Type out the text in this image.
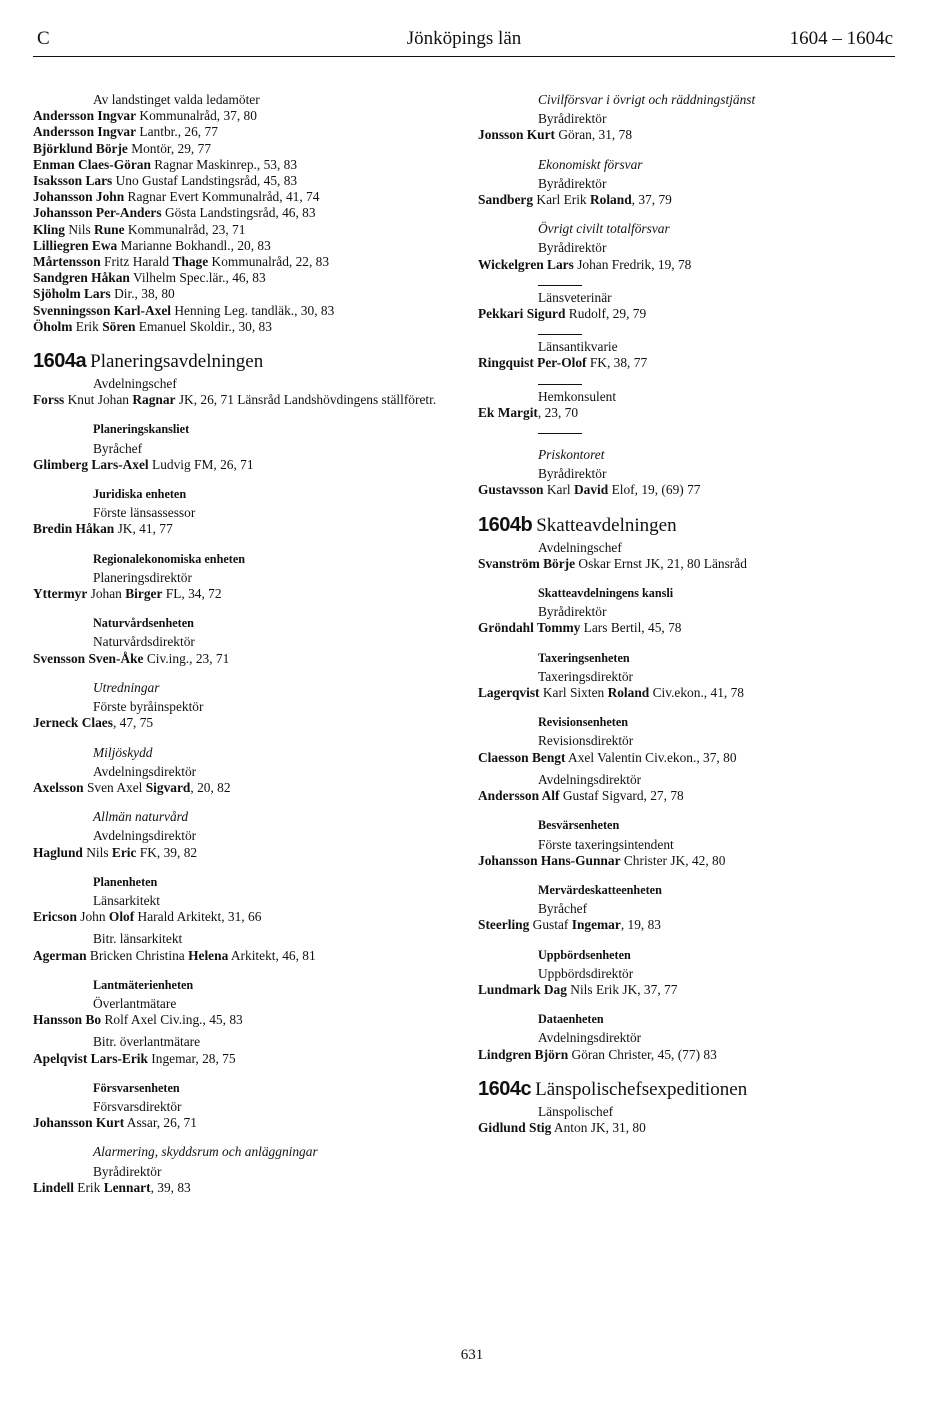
C	Jönköpings län	1604 – 1604c
Av landstinget valda ledamöter
Andersson Ingvar Kommunalråd, 37, 80
Andersson Ingvar Lantbr., 26, 77
Björklund Börje Montör, 29, 77
Enman Claes-Göran Ragnar Maskinrep., 53, 83
Isaksson Lars Uno Gustaf Landstingsråd, 45, 83
Johansson John Ragnar Evert Kommunalråd, 41, 74
Johansson Per-Anders Gösta Landstingsråd, 46, 83
Kling Nils Rune Kommunalråd, 23, 71
Lilliegren Ewa Marianne Bokhandl., 20, 83
Mårtensson Fritz Harald Thage Kommunalråd, 22, 83
Sandgren Håkan Vilhelm Spec.lär., 46, 83
Sjöholm Lars Dir., 38, 80
Svenningsson Karl-Axel Henning Leg. tandläk., 30, 83
Öholm Erik Sören Emanuel Skoldir., 30, 83
1604a Planeringsavdelningen
Avdelningschef
Forss Knut Johan Ragnar JK, 26, 71 Länsråd Landshövdingens ställföretr.
Planeringskansliet
Byråchef
Glimberg Lars-Axel Ludvig FM, 26, 71
Juridiska enheten
Förste länsassessor
Bredin Håkan JK, 41, 77
Regionalekonomiska enheten
Planeringsdirektör
Yttermyr Johan Birger FL, 34, 72
Naturvårdsenheten
Naturvårdsdirektör
Svensson Sven-Åke Civ.ing., 23, 71
Utredningar
Förste byråinspektör
Jerneck Claes, 47, 75
Miljöskydd
Avdelningsdirektör
Axelsson Sven Axel Sigvard, 20, 82
Allmän naturvård
Avdelningsdirektör
Haglund Nils Eric FK, 39, 82
Planenheten
Länsarkitekt
Ericson John Olof Harald Arkitekt, 31, 66
Bitr. länsarkitekt
Agerman Bricken Christina Helena Arkitekt, 46, 81
Lantmäterienheten
Överlantmätare
Hansson Bo Rolf Axel Civ.ing., 45, 83
Bitr. överlantmätare
Apelqvist Lars-Erik Ingemar, 28, 75
Försvarsenheten
Försvarsdirektör
Johansson Kurt Assar, 26, 71
Alarmering, skyddsrum och anläggningar
Byrådirektör
Lindell Erik Lennart, 39, 83
Civilförsvar i övrigt och räddningstjänst
Byrådirektör
Jonsson Kurt Göran, 31, 78
Ekonomiskt försvar
Byrådirektör
Sandberg Karl Erik Roland, 37, 79
Övrigt civilt totalförsvar
Byrådirektör
Wickelgren Lars Johan Fredrik, 19, 78
Länsveterinär
Pekkari Sigurd Rudolf, 29, 79
Länsantikvarie
Ringquist Per-Olof FK, 38, 77
Hemkonsulent
Ek Margit, 23, 70
Priskontoret
Byrådirektör
Gustavsson Karl David Elof, 19, (69) 77
1604b Skatteavdelningen
Avdelningschef
Svanström Börje Oskar Ernst JK, 21, 80 Länsråd
Skatteavdelningens kansli
Byrådirektör
Gröndahl Tommy Lars Bertil, 45, 78
Taxeringsenheten
Taxeringsdirektör
Lagerqvist Karl Sixten Roland Civ.ekon., 41, 78
Revisionsenheten
Revisionsdirektör
Claesson Bengt Axel Valentin Civ.ekon., 37, 80
Avdelningsdirektör
Andersson Alf Gustaf Sigvard, 27, 78
Besvärsenheten
Förste taxeringsintendent
Johansson Hans-Gunnar Christer JK, 42, 80
Mervärdeskatteenheten
Byråchef
Steerling Gustaf Ingemar, 19, 83
Uppbördsenheten
Uppbördsdirektör
Lundmark Dag Nils Erik JK, 37, 77
Dataenheten
Avdelningsdirektör
Lindgren Björn Göran Christer, 45, (77) 83
1604c Länspolischefsexpeditionen
Länspolischef
Gidlund Stig Anton JK, 31, 80
631
